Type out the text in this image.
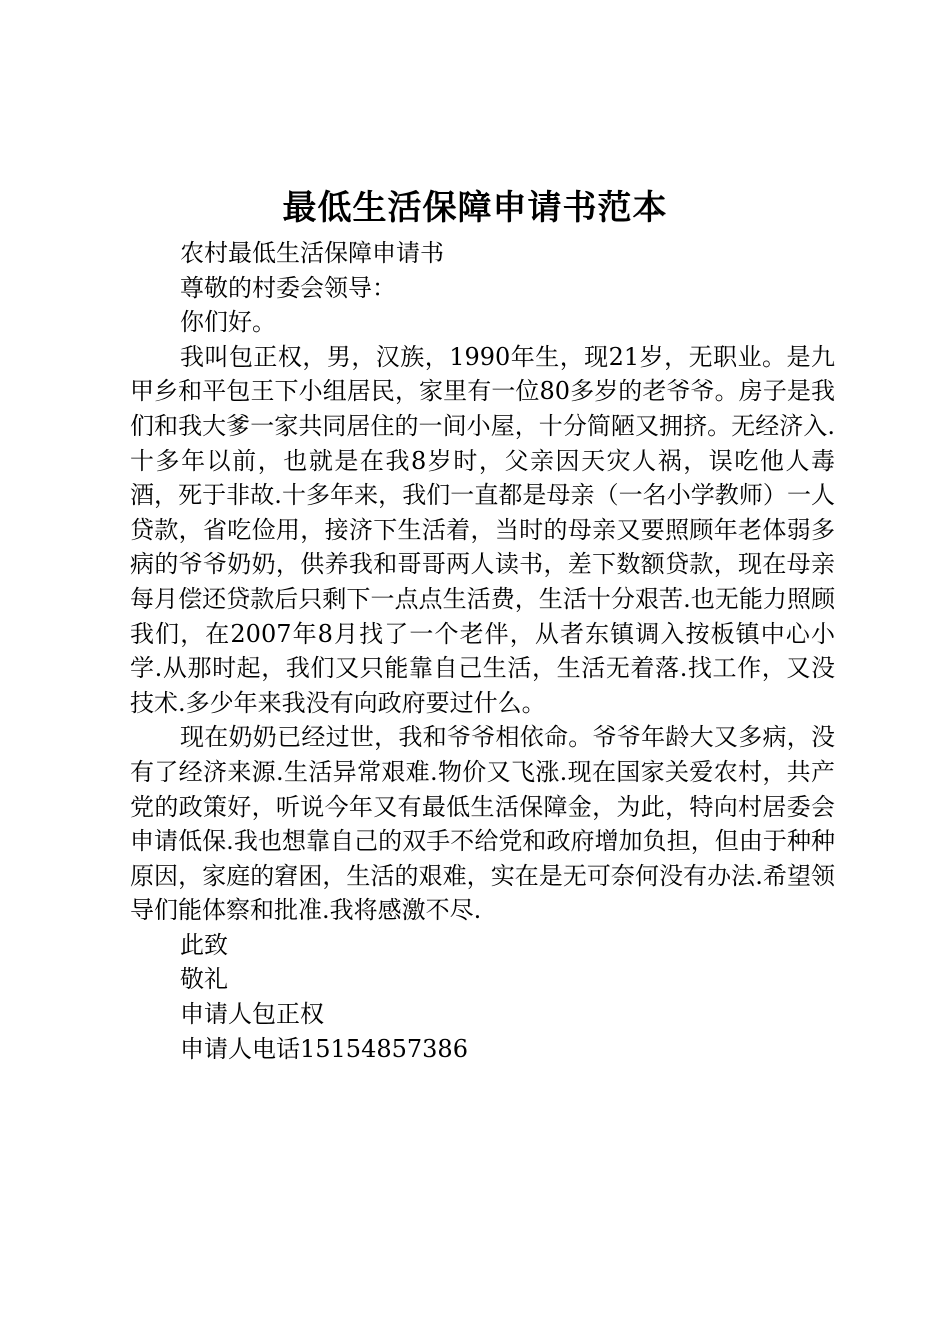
最低生活保障申请书范本

农村最低生活保障申请书

尊敬的村委会领导：

你们好。

我叫包正权，男，汉族，1990年生，现21岁，无职业。是九甲乡和平包王下小组居民，家里有一位80多岁的老爷爷。房子是我们和我大爹一家共同居住的一间小屋，十分简陋又拥挤。无经济入.十多年以前，也就是在我8岁时，父亲因天灾人祸，误吃他人毒酒，死于非故.十多年来，我们一直都是母亲（一名小学教师）一人贷款，省吃俭用，接济下生活着，当时的母亲又要照顾年老体弱多病的爷爷奶奶，供养我和哥哥两人读书，差下数额贷款，现在母亲每月偿还贷款后只剩下一点点生活费，生活十分艰苦.也无能力照顾我们，在2007年8月找了一个老伴，从者东镇调入按板镇中心小学.从那时起，我们又只能靠自己生活，生活无着落.找工作，又没技术.多少年来我没有向政府要过什么。

现在奶奶已经过世，我和爷爷相依命。爷爷年龄大又多病，没有了经济来源.生活异常艰难.物价又飞涨.现在国家关爱农村，共产党的政策好，听说今年又有最低生活保障金，为此，特向村居委会申请低保.我也想靠自己的双手不给党和政府增加负担，但由于种种原因，家庭的窘困，生活的艰难，实在是无可奈何没有办法.希望领导们能体察和批准.我将感激不尽.

此致

敬礼

申请人包正权

申请人电话15154857386
